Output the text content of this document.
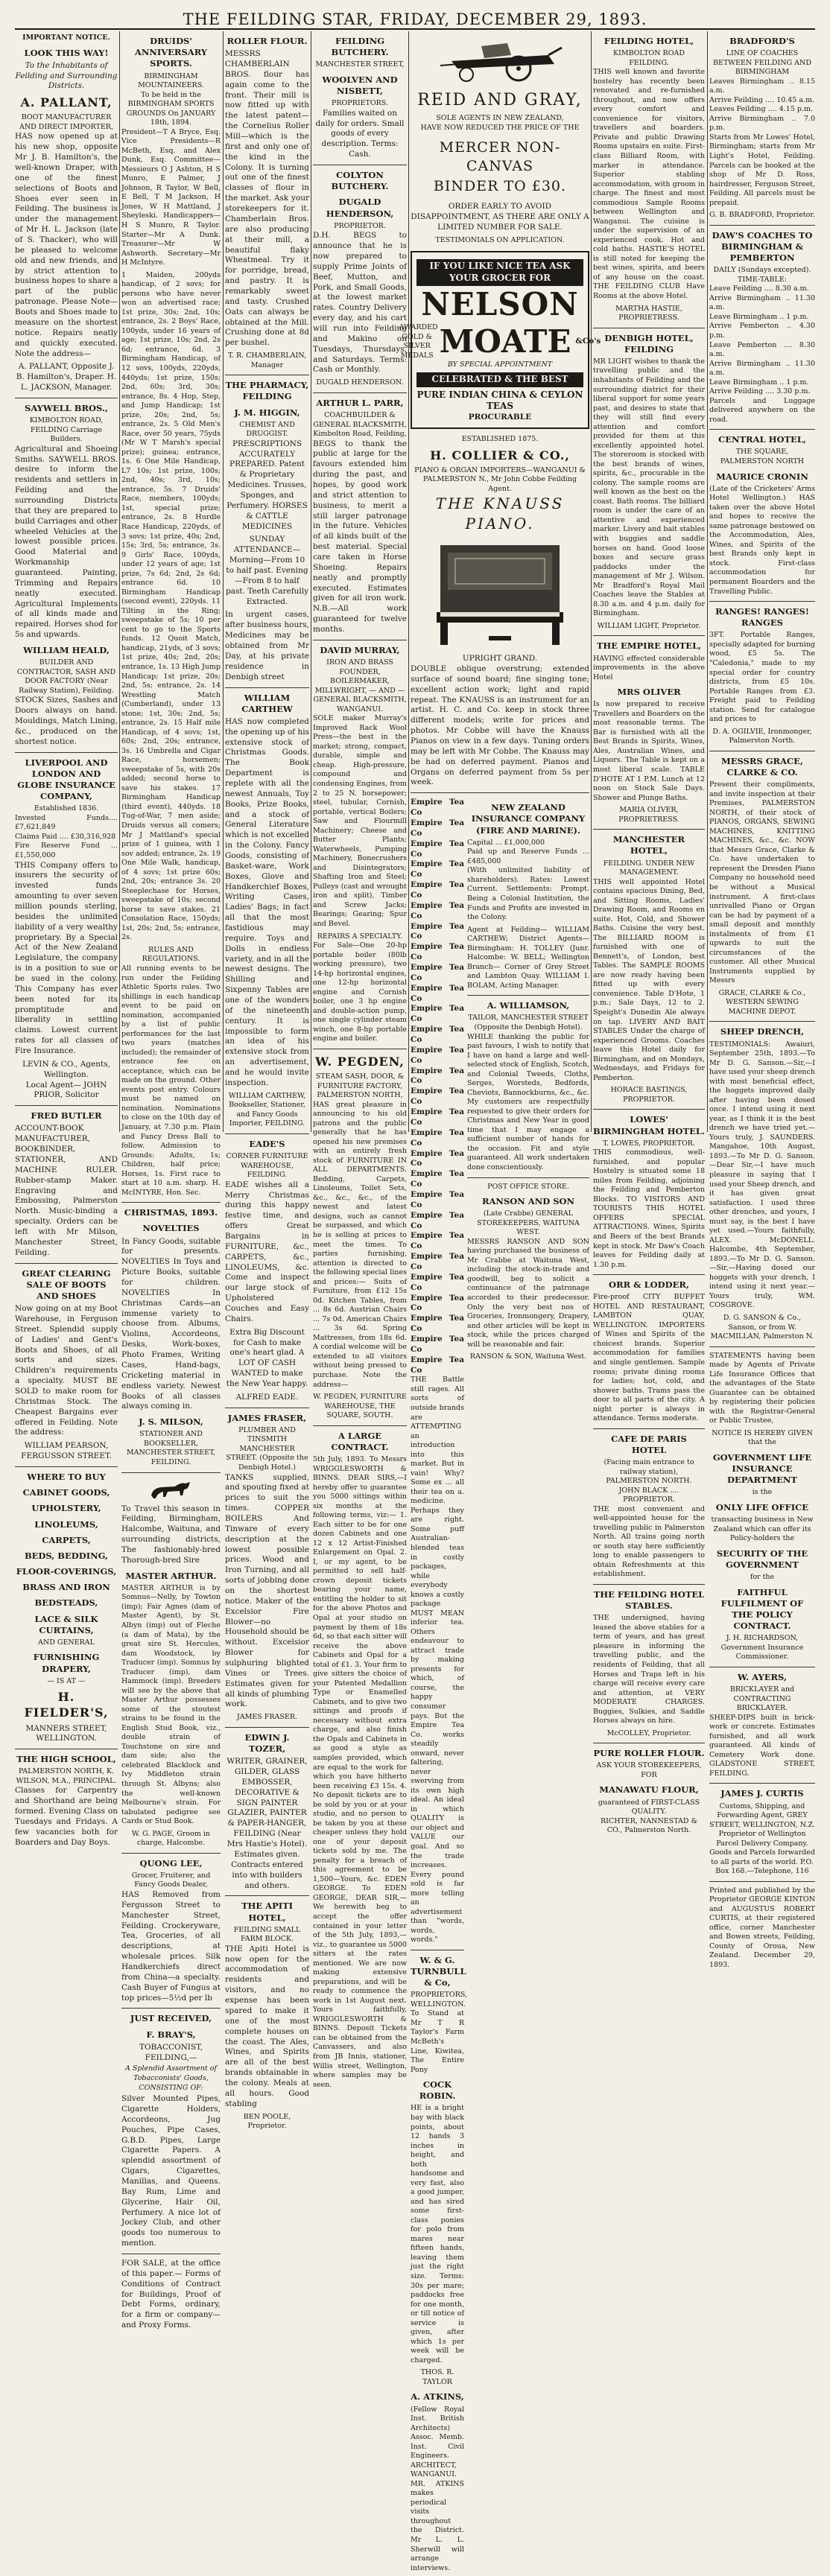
THE FEILDING STAR, FRIDAY, DECEMBER 29, 1893.
IMPORTANT NOTICE.
LOOK THIS WAY!
To the Inhabitants of Feilding and Surrounding Districts.
A. PALLANT,
BOOT MANUFACTURER AND DIRECT IMPORTER,

HAS now opened up at his new shop, opposite Mr J. B. Hamilton's, the well-known Draper, with one of the finest selections of Boots and Shoes ever seen in Feilding. The business is under the management of Mr H. L. Jackson (late of S. Thacker), who will be pleased to welcome old and new friends, and by strict attention to business hopes to share a part of the public patronage. Please Note—Boots and Shoes made to measure on the shortest notice. Repairs neatly and quickly executed. Note the address—

A. PALLANT, Opposite J. B. Hamilton's, Draper. H. L. JACKSON, Manager.
SAYWELL BROS.,
KIMBOLTON ROAD, FEILDING Carriage Builders.

Agricultural and Shoeing Smiths. SAYWELL BROS. desire to inform the residents and settlers in Feilding and the surrounding Districts that they are prepared to build Carriages and other wheeled Vehicles at the lowest possible prices. Good Material and Workmanship guaranteed. Painting, Trimming and Repairs neatly executed. Agricultural Implements of all kinds made and repaired. Horses shod for 5s and upwards.

WILLIAM HEALD,
BUILDER AND CONTRACTOR, SASH AND DOOR FACTORY (Near Railway Station), Feilding.

STOCK Sizes, Sashes and Doors always on hand. Mouldings, Match Lining, &c., produced on the shortest notice.

LIVERPOOL AND LONDON AND GLOBE INSURANCE COMPANY,
Established 1836.
Invested Funds.... £7,621,849
Claims Paid .... £30,316,928
Fire Reserve Fund ... £1,550,000

THIS Company offers to insurers the security of invested funds amounting to over seven million pounds sterling, besides the unlimited liability of a very wealthy proprietary. By a Special Act of the New Zealand Legislature, the company is in a position to sue or be sued in the colony. This Company has ever been noted for its promptitude and liberality in settling claims. Lowest current rates for all classes of Fire Insurance.

LEVIN & CO., Agents, Wellington.
Local Agent— JOHN PRIOR, Solicitor
FRED BUTLER

ACCOUNT-BOOK MANUFACTURER, BOOKBINDER, STATIONER, AND MACHINE RULER. Rubber-stamp Maker. Engraving and Embossing, Palmerston North. Music-binding a specialty. Orders can be left with Mr Milson, Manchester Street, Feilding.

GREAT CLEARING SALE OF BOOTS AND SHOES

Now going on at my Boot Warehouse, in Ferguson Street. Splendid supply of Ladies' and Gent's Boots and Shoes, of all sorts and sizes. Children's requirements a specialty. MUST BE SOLD to make room for Christmas Stock. The Cheapest Bargains ever offered in Feilding. Note the address:

WILLIAM PEARSON, FERGUSSON STREET.
WHERE TO BUY
CABINET GOODS,
UPHOLSTERY,
LINOLEUMS,
CARPETS,
BEDS, BEDDING,
FLOOR-COVERINGS,
BRASS AND IRON
BEDSTEADS,
LACE & SILK CURTAINS,
AND GENERAL
FURNISHING DRAPERY,
— IS AT —
H. FIELDER'S,
MANNERS STREET,
WELLINGTON.
THE HIGH SCHOOL,
PALMERSTON NORTH, K. WILSON, M.A., PRINCIPAL.

Classes for Carpentry and Shorthand are being formed. Evening Class on Tuesdays and Fridays. A few vacancies both for Boarders and Day Boys.

DRUIDS' ANNIVERSARY SPORTS.
BIRMINGHAM MOUNTAINEERS.
To be held in the BIRMINGHAM SPORTS GROUNDS On JANUARY 18th, 1894.

President—T A Bryce, Esq. Vice Presidents—R McBeth, Esq. and Alex Dunk, Esq. Committee—Messieurs O J Ashton, H S Munro, E Palmer, J Johnson, R Taylor, W Bell, E Bell, T M Jackson, H Jones, W H Mattland, J Sheyleski. Handicappers—H S Munro, R Taylor. Starter—Mr A Dunk. Treasurer—Mr W Ashworth. Secretary—Mr H McIntyre.

1 Maiden, 200yds handicap, of 2 sovs; for persons who have never won an advertised race; 1st prize, 30s; 2nd, 10s; entrance, 2s. 2 Boys' Race, 100yds, under 16 years of age; 1st prize, 10s; 2nd, 2s 6d; entrance, 6d. 3 Birmingham Handicap, of 12 sovs, 100yds, 220yds, 440yds; 1st prize, 150s; 2nd, 60s; 3rd, 30s; entrance, 8s. 4 Hop, Step, and Jump Handicap; 1st prize, 20s; 2nd, 5s; entrance, 2s. 5 Old Men's Race, over 50 years, 75yds (Mr W T Marsh's special prize); guinea; entrance, 1s. 6 One Mile Handicap, L7 10s; 1st prize, 100s; 2nd, 40s; 3rd, 10s; entrance, 5s. 7 Druids' Race, members, 100yds; 1st, special prize; entrance, 2s. 8 Hurdle Race Handicap, 220yds, of 3 sovs; 1st prize, 40s; 2nd, 15s; 3rd, 5s; entrance, 3s. 9 Girls' Race, 100yds, under 12 years of age; 1st prize, 7s 6d; 2nd, 2s 6d; entrance 6d. 10 Birmingham Handicap (second event), 220yds. 11 Tilting in the Ring; sweepstake of 5s; 10 per cent to go to the Sports funds. 12 Quoit Match, handicap, 21yds, of 3 sovs; 1st prize, 40s; 2nd, 20s; entrance, 1s. 13 High Jump Handicap; 1st prize, 20s; 2nd, 5s; entrance, 2s. 14 Wrestling Match (Cumberland), under 13 stone; 1st, 30s; 2nd, 5s; entrance, 2s. 15 Half mile Handicap, of 4 sovs; 1st, 60s; 2nd, 20s; entrance, 3s. 16 Umbrella and Cigar Race, horsemen; sweepstake of 5s, with 20s added; second horse to save his stakes. 17 Birmingham Handicap (third event), 440yds. 18 Tug-of-War, 7 men aside; Druids versus all comers; Mr J Mattland's special prize of 1 guinea, with 1 sov added; entrance, 2s. 19 One Mile Walk, handicap, of 4 sovs; 1st prize 60s; 2nd, 20s; entrance 3s. 20 Steeplechase for Horses, sweepstake of 10s; second horse to save stakes. 21 Consolation Race, 150yds; 1st, 20s; 2nd, 5s; entrance, 2s.

RULES AND REGULATIONS.

All running events to be run under the Feilding Athletic Sports rules. Two shillings in each handicap event to be paid on nomination, accompanied by a list of public performances for the last two years (matches included); the remainder of entrance fee on acceptance, which can be made on the ground. Other events post entry. Colours must be named on nomination. Nominations to close on the 10th day of January, at 7.30 p.m. Plain and Fancy Dress Ball to follow. Admission to Grounds: Adults, 1s; Children, half price; Horses, 1s. First race to start at 10 a.m. sharp. H. McINTYRE, Hon. Sec.

CHRISTMAS, 1893.
NOVELTIES

In Fancy Goods, suitable for presents. NOVELTIES In Toys and Picture Books, suitable for children. NOVELTIES In Christmas Cards—an immense variety to choose from. Albums, Violins, Accordeons, Desks, Work-boxes, Photo Frames, Writing Cases, Hand-bags, Cricketing material in endless variety. Newest Books of all classes always coming in.

J. S. MILSON,
STATIONER AND BOOKSELLER, MANCHESTER STREET, FEILDING.

To Travel this season in Feilding, Birmingham, Halcombe, Waituna, and surrounding districts, The fashionably-bred Thorough-bred Sire

MASTER ARTHUR.

MASTER ARTHUR is by Somnus—Nelly, by Towton (imp); Fair Agnes (dam of Master Agent), by St. Albyn (imp) out of Fleche (a dam of Mata), by the great sire St. Hercules, dam Woodstock, by Traducer (imp). Somnus by Traducer (imp), dam Hammock (imp). Breeders will see by the above that Master Arthur possesses some of the stoutest strains to be found in the English Stud Book, viz., double strain of Touchstone on sire and dam side; also the celebrated Blacklock and Ivy Middleton strain through St. Albyns; also the well-known Melbourne's strain. For tabulated pedigree see Cards or Stud Book.

W. G. PAGE, Groom in charge, Halcombe.
QUONG LEE,
Grocer, Fruiterer, and Fancy Goods Dealer,

HAS Removed from Fergusson Street to Manchester Street, Feilding. Crockeryware, Tea, Groceries, of all descriptions, at wholesale prices. Silk Handkerchiefs direct from China—a specialty. Cash Buyer of Fungus at top prices—5½d per lb

JUST RECEIVED,
F. BRAY'S,
TOBACCONIST, FEILDING,—
A Splendid Assortment of Tobacconists' Goods, CONSISTING OF:

Silver Mounted Pipes, Cigarette Holders, Accordeons, Jug Pouches, Pipe Cases, G.B.D. Pipes, Large Cigarette Papers. A splendid assortment of Cigars, Cigarettes, Manillas, and Queens. Bay Rum, Lime and Glycerine, Hair Oil, Perfumery. A nice lot of Jockey Club, and other goods too numerous to mention.

FOR SALE, at the office of this paper.— Forms of Conditions of Contract for Buildings, Proof of Debt Forms, ordinary, for a firm or company—and Proxy Forms.

ROLLER FLOUR.

MESSRS CHAMBERLAIN BROS. flour has again come to the front. Their mill is now fitted up with the latest patent—the Cornelius Roller Mill—which is the first and only one of the kind in the Colony. It is turning out one of the finest classes of flour in the market. Ask your storekeepers for it. Chamberlain Bros. are also producing at their mill, a beautiful flaky Wheatmeal. Try it for porridge, bread, and pastry. It is remarkably sweet and tasty. Crushed Oats can always be obtained at the Mill. Crushing done at 8d per bushel.

T. R. CHAMBERLAIN, Manager
THE PHARMACY, FEILDING
J. M. HIGGIN,
CHEMIST AND DRUGGIST.

PRESCRIPTIONS ACCURATELY PREPARED. Patent & Proprietary Medicines. Trusses, Sponges, and Perfumery. HORSES & CATTLE MEDICINES

SUNDAY ATTENDANCE— Morning—From 10 to half past. Evening—From 8 to half past. Teeth Carefully Extracted.

In urgent cases, after business hours, Medicines may be obtained from Mr Day, at his private residence in Denbigh street

WILLIAM CARTHEW

HAS now completed the opening up of his extensive stock of Christmas Goods. The Book Department is replete with all the newest Annuals, Toy Books, Prize Books, and a stock of General Literature which is not excelled in the Colony. Fancy Goods, consisting of Basket-ware, Work Boxes, Glove and Handkerchief Boxes, Writing Cases, Ladies' Bags; in fact all that the most fastidious may require. Toys and Dolls in endless variety, and in all the newest designs. The Shilling and Sixpenny Tables are one of the wonders of the nineteenth century. It is impossible to form an idea of his extensive stock from an advertisement, and he would invite inspection.

WILLIAM CARTHEW, Bookseller, Stationer, and Fancy Goods Importer, FEILDING.
EADE'S
CORNER FURNITURE WAREHOUSE, FEILDING.

EADE wishes all a Merry Christmas during this happy festive time, and offers Great Bargains in FURNITURE, &c., CARPETS, &c., LINOLEUMS, &c. Come and inspect our large stock of Upholstered Couches and Easy Chairs.

Extra Big Discount for Cash to make one's heart glad. A LOT OF CASH WANTED to make the New Year happy.

ALFRED EADE.
JAMES FRASER,
PLUMBER AND TINSMITH MANCHESTER STREET. (Opposite the Denbigh Hotel.)

TANKS supplied, and spouting fixed at prices to suit the times. COPPER BOILERS And Tinware of every description at the lowest possible prices. Wood and Iron Turning, and all sorts of jobbing done on the shortest notice. Maker of the Excelsior Fire Blower—no Household should be without. Excelsior Blower for sulphuring blighted Vines or Trees. Estimates given for all kinds of plumbing work.

JAMES FRASER.
EDWIN J. TOZER,

WRITER, GRAINER, GILDER, GLASS EMBOSSER, DECORATIVE & SIGN PAINTER GLAZIER, PAINTER & PAPER-HANGER, FEILDING (Near Mrs Hastie's Hotel). Estimates given. Contracts entered into with builders and others.

THE APITI HOTEL,
FEILDING SMALL FARM BLOCK.

THE Apiti Hotel is now open for the accommodation of residents and visitors, and no expense has been spared to make it one of the most complete houses on the coast. The Ales, Wines, and Spirits are all of the best brands obtainable in the colony. Meals at all hours. Good stabling

BEN POOLE, Proprietor.
FEILDING BUTCHERY.
MANCHESTER STREET,
WOOLVEN AND NISBETT,
PROPRIETORS.

Families waited on daily for orders. Small goods of every description. Terms: Cash.

COLYTON BUTCHERY.
DUGALD HENDERSON,
PROPRIETOR.

D.H. BEGS to announce that he is now prepared to supply Prime Joints of Beef, Mutton, and Pork, and Small Goods, at the lowest market rates. Country Delivery every day, and his cart will run into Feilding and Makino on Tuesdays, Thursdays, and Saturdays. Terms: Cash or Monthly.

DUGALD HENDERSON.
ARTHUR L. PARR,
COACHBUILDER & GENERAL BLACKSMITH, Kimbolton Road, Feilding,

BEGS to thank the public at large for the favours extended him during the past, and hopes, by good work and strict attention to business, to merit a still larger patronage in the future. Vehicles of all kinds built of the best material. Special care taken in Horse Shoeing. Repairs neatly and promptly executed. Estimates given for all iron work. N.B.—All work guaranteed for twelve months.

DAVID MURRAY,
IRON AND BRASS FOUNDER, BOILERMAKER, MILLWRIGHT, — AND — GENERAL BLACKSMITH, WANGANUI.

SOLE maker Murray's Improved Rack Wool Press—the best in the market; strong, compact, durable, simple and cheap. High-pressure, compound and condensing Engines, from 2 to 25 N. horsepower; steel, tubular, Cornish, portable, vertical Boilers; Saw and Flourmill Machinery; Cheese and Butter Plants; Waterwheels, Pumping Machinery, Bonecrushers and Disintegrators; Shafting Iron and Steel; Pulleys (cast and wrought iron and split), Timber and Screw Jacks; Bearings; Gearing; Spur and Bevel.

REPAIRS A SPECIALTY.

For Sale—One 20-hp portable boiler (80lb working pressure), two 14-hp horizontal engines, one 12-hp horizontal engine and Cornish boiler, one 3 hp engine and double-action pump, one single cylinder steam winch, one 8-hp portable engine and boiler.

W. PEGDEN,
STEAM SASH, DOOR, & FURNITURE FACTORY, PALMERSTON NORTH,

HAS great pleasure in announcing to his old patrons and the public generally that he has opened his new premises with an entirely fresh stock of FURNITURE IN ALL DEPARTMENTS. Bedding, Carpets, Linoleums, Toilet Sets, &c., &c., &c., of the newest and latest designs, such as cannot be surpassed, and which he is selling at prices to meet the times. To parties furnishing, attention is directed to the following special lines and prices:— Suits of Furniture, from £12 15s 0d. Kitchen Tables, from ... 8s 6d. Austrian Chairs ... 7s 0d. American Chairs ... 3s 6d. Spring Mattresses, from 18s 6d. A cordial welcome will be extended to all visitors without being pressed to purchase. Note the address—

W. PEGDEN, FURNITURE WAREHOUSE, THE SQUARE, SOUTH.
A LARGE CONTRACT.

5th July, 1893. To Messrs WRIGGLESWORTH & BINNS. DEAR SIRS,—I hereby offer to guarantee you 5000 sittings within six months at the following terms, viz:— 1. Each sitter to be for one dozen Cabinets and one 12 x 12 Artist-Finished Enlargement on Opal. 2. I, or my agent, to be permitted to sell half-crown deposit tickets bearing your name, entitling the holder to sit for the above Photos and Opal at your studio on payment by them of 18s 6d, so that each sitter will receive the above Cabinets and Opal for a total of £1. 3. Your firm to give sitters the choice of your Patented Medallion Type or Enamelled Cabinets, and to give two sittings and proofs if necessary without extra charge, and also finish the Opals and Cabinets in as good a style as samples provided, which are equal to the work for which you have hitherto been receiving £3 15s. 4. No deposit tickets are to be sold by you or at your studio, and no person to be taken by you at these cheaper unless they hold one of your deposit tickets sold by me. The penalty for a breach of this agreement to be 1,500—Yours, &c. EDEN GEORGE. To EDEN GEORGE, DEAR SIR,—We herewith beg to accept the offer contained in your letter of the 5th July, 1893,—viz., to guarantee us 5000 sitters at the rates mentioned. We are now making extensive preparations, and will be ready to commence the work in 1st August next. Yours faithfully, WRIGGLESWORTH & BINNS. Deposit Tickets can be obtained from the Canvassers, and also from JB Innis, stationer, Willis street, Wellington, where samples may be seen.

REID AND GRAY,
SOLE AGENTS IN NEW ZEALAND,
HAVE NOW REDUCED THE PRICE OF THE
MERCER NON-CANVAS
BINDER TO £30.

ORDER EARLY TO AVOID DISAPPOINTMENT, AS THERE ARE ONLY A LIMITED NUMBER FOR SALE.

TESTIMONIALS ON APPLICATION.
IF YOU LIKE NICE TEA ASK YOUR GROCER FOR
NELSON
AWARDED GOLD & SILVER MEDALS MOATE &Co's
BY SPECIAL APPOINTMENT
CELEBRATED & THE BEST
PURE INDIAN CHINA & CEYLON TEAS
PROCURABLE
ESTABLISHED 1875.
H. COLLIER & CO.,
PIANO & ORGAN IMPORTERS—WANGANUI & PALMERSTON N., Mr John Cobbe Feilding Agent.
THE KNAUSS PIANO.
UPRIGHT GRAND.

DOUBLE oblique overstrung; extended surface of sound board; fine singing tone; excellent action work; light and rapid repeat. The KNAUSS is an instrument for an artist. H. C. and Co. keep in stock three different models; write for prices and photos. Mr Cobbe will have the Knauss Pianos on view in a few days. Tuning orders may be left with Mr Cobbe. The Knauss may be had on deferred payment. Pianos and Organs on deferred payment from 5s per week.

Empire Tea Co
Empire Tea Co
Empire Tea Co
Empire Tea Co
Empire Tea Co
Empire Tea Co
Empire Tea Co
Empire Tea Co
Empire Tea Co
Empire Tea Co
Empire Tea Co
Empire Tea Co
Empire Tea Co
Empire Tea Co
Empire Tea Co
Empire Tea Co
Empire Tea Co
Empire Tea Co
Empire Tea Co
Empire Tea Co
Empire Tea Co
Empire Tea Co
Empire Tea Co
Empire Tea Co
Empire Tea Co
Empire Tea Co
Empire Tea Co
Empire Tea Co

THE Battle still rages. All sorts of outside brands are ATTEMPTING an introduction into this market. But in vain! Why? Some ex ... all their tea on a. medicine. Perhaps they are right. Some puff Australian-blended teas in costly packages, while everybody knows a costly package MUST MEAN inferior tea. Others endeavour to attract trade by making presents for which, of course, the happy consumer pays. But the Empire Tea Co. works steadily onward, never faltering, never swerving from its own high ideal. An ideal in which QUALITY is our object and VALUE our goal. And so the trade increases. Every pound sold is far more telling an advertisement than "words, words, words."

W. & G. TURNBULL & Co,
PROPRIETORS, WELLINGTON.

To Stand at Mr T R Taylor's Farm McBeth's Line, Kiwitea, The Entire Pony

COCK ROBIN.

HE is a bright bay with black points, about 12 hands 3 inches in height, and both handsome and very fast, also a good jumper, and has sired some first-class ponies for polo from mares near fifteen hands, leaving them just the right size. Terms: 30s per mare; paddocks free for one month, or till notice of service is given, after which 1s per week will be charged.

THOS. R. TAYLOR
A. ATKINS,

(Fellow Royal Inst. British Architects) Assoc. Memb. Inst. Civil Engineers. ARCHITECT, WANGANUI. MR. ATKINS makes periodical visits throughout the District. Mr L. L. Sherwill will arrange interviews.

NEW ZEALAND INSURANCE COMPANY (FIRE AND MARINE).
Capital ... £1,000,000
Paid up and Reserve Funds ... £485,000

(With unlimited liability of shareholders). Rates: Lowest Current. Settlements: Prompt. Being a Colonial Institution, the Funds and Profits are invested in the Colony.

Agent at Feilding— WILLIAM CARTHEW; District Agents— Birmingham: H. TOLLEY (Junr. Halcombe: W. BELL; Wellington Branch— Corner of Grey Street and Lambton Quay. WILLIAM I. BOLAM, Acting Manager.

A. WILLIAMSON,
TAILOR, MANCHESTER STREET (Opposite the Denbigh Hotel).

WHILE thanking the public for past favours, I wish to notify that I have on hand a large and well-selected stock of English, Scotch, and Colonial Tweeds, Cloths, Serges, Worsteds, Bedfords, Cheviots, Bannockburns, &c., &c. My customers are respectfully requested to give their orders for Christmas and New Year in good time that I may engage a sufficient number of hands for the occasion. Fit and style guaranteed. All work undertaken done conscientiously.

POST OFFICE STORE.
RANSON AND SON
(Late Crabbe) GENERAL STOREKEEPERS, WAITUNA WEST.

MESSRS RANSON AND SON having purchased the business of Mr Crabbe at Waituna West, including the stock-in-trade and goodwill, beg to solicit a continuance of the patronage accorded to their predecessor. Only the very best nos of Groceries, Ironmongery, Drapery, and other articles will be kept in stock, while the prices charged will be reasonable and fair.

RANSON & SON, Waituna West.
FEILDING HOTEL,
KIMBOLTON ROAD FEILDING.

THIS well known and favorite hostelry has recently been renovated and re-furnished throughout, and now offers every comfort and convenience for visitors, travellers and boarders. Private and public Drawing Rooms upstairs en suite. First-class Billiard Room, with marker in attendance. Superior stabling accommodation, with groom in charge. The finest and most commodious Sample Rooms between Wellington and Wanganui. The cuisine is under the supervision of an experienced cook. Hot and cold baths. HASTIE'S HOTEL is still noted for keeping the best wines, spirits, and beers of any house on the coast. THE FEILDING CLUB Have Rooms at the above Hotel.

MARTHA HASTIE, PROPRIETRESS.
DENBIGH HOTEL, FEILDING

MR LIGHT wishes to thank the travelling public and the inhabitants of Feilding and the surrounding district for their liberal support for some years past, and desires to state that they will still find every attention and comfort provided for them at this excellently appointed hotel. The storeroom is stocked with the best brands of wines, spirits, &c., procurable in the colony. The sample rooms are well known as the best on the coast. Bath rooms. The billiard room is under the care of an attentive and experienced marker. Livery and bait stables with buggies and saddle horses on hand. Good loose boxes and secure grass paddocks under the management of Mr J. Wilson. Mr Bradford's Royal Mail Coaches leave the Stables at 8.30 a.m. and 4 p.m. daily for Birmingham.

WILLIAM LIGHT, Proprietor.
THE EMPIRE HOTEL,

HAVING effected considerable improvements in the above Hotel

MRS OLIVER

Is now prepared to receive Travellers and Boarders on the most reasonable terms. The Bar is furnished with all the Best Brands in Spirits, Wines, Ales, Australian Wines, and Liquors. The Table is kept on a most liberal scale. TABLE D'HOTE AT 1 P.M. Lunch at 12 noon on Stock Sale Days. Shower and Plunge Baths.

MARIA OLIVER, PROPRIETRESS.
MANCHESTER HOTEL,
FEILDING. UNDER NEW MANAGEMENT.

THIS well appointed Hotel contains spacious Dining, Bed, and Sitting Rooms, Ladies' Drawing Room, and Rooms en suite. Hot, Cold, and Shower Baths. Cuisine the very best. The BILLIARD ROOM is furnished with one of Bennett's, of London, best Tables. The SAMPLE ROOMS are now ready having been fitted up with every convenience. Table D'Hote, 1 p.m.; Sale Days, 12 to 2. Speight's Dunedin Ale always on tap. LIVERY AND BAIT STABLES Under the charge of experienced Grooms. Coaches leave this Hotel daily for Birmingham, and on Mondays, Wednesdays, and Fridays for Pemberton.

HORACE BASTINGS, PROPRIETOR.
LOWES' BIRMINGHAM HOTEL.
T. LOWES, PROPRIETOR.

THIS commodious, well-furnished, and popular Hostelry is situated some 18 miles from Feilding, adjoining the Feilding and Pemberton Blocks. TO VISITORS AND TOURISTS THIS HOTEL OFFERS SPECIAL ATTRACTIONS. Wines, Spirits and Beers of the best Brands kept in stock. Mr Daw's Coach leaves for Feilding daily at 1.30 p.m.

ORR & LODDER,

Fire-proof CITY BUFFET HOTEL AND RESTAURANT, LAMBTON QUAY, WELLINGTON. IMPORTERS of Wines and Spirits of the choicest brands. Superior accommodation for families and single gentlemen. Sample rooms; private dining rooms for ladies; hot, cold, and shower baths. Trams pass the door to all parts of the city. A night porter is always in attendance. Terms moderate.

CAFE DE PARIS HOTEL
(Facing main entrance to railway station), PALMERSTON NORTH.
JOHN BLACK .... PROPRIETOR.

THE most convenient and well-appointed house for the travelling public in Palmerston North. All trains going north or south stay here sufficiently long to enable passengers to obtain Refreshments at this establishment.

THE FEILDING HOTEL STABLES.

THE undersigned, having leased the above stables for a term of years, and has great pleasure in informing the travelling public, and the residents of Feilding, that all Horses and Traps left in his charge will receive every care and attention, at VERY MODERATE CHARGES. Buggies, Sulkies, and Saddle Horses always on hire.

McCOLLEY, Proprietor.
PURE ROLLER FLOUR.
ASK YOUR STOREKEEPERS, FOR
MANAWATU FLOUR,
guaranteed of FIRST-CLASS QUALITY.
RICHTER, NANNESTAD & CO., Palmerston North.
BRADFORD'S
LINE OF COACHES BETWEEN FEILDING AND BIRMINGHAM
Leaves Birmingham .. 8.15 a.m.
Arrive Feilding .... 10.45 a.m.
Leaves Feilding .... 4.15 p.m.
Arrive Birmingham .. 7.0 p.m.

Starts from Mr Lowes' Hotel, Birmingham; starts from Mr Light's Hotel, Feilding. Parcels can be booked at the shop of Mr D. Ross, hairdresser, Ferguson Street, Feilding. All parcels must be prepaid.

G. B. BRADFORD, Proprietor.
DAW'S COACHES TO BIRMINGHAM & PEMBERTON
DAILY (Sundays excepted).
TIME-TABLE:
Leave Feilding .... 8.30 a.m.
Arrive Birmingham .. 11.30 a.m.
Leave Birmingham .. 1 p.m.
Arrive Pemberton .. 4.30 p.m.
Leave Pemberton .... 8.30 a.m.
Arrive Birmingham .. 11.30 a.m.
Leave Birmingham .. 1 p.m.
Arrive Feilding .... 3.30 p.m.

Parcels and Luggage delivered anywhere on the road.

CENTRAL HOTEL,
THE SQUARE, PALMERSTON NORTH
MAURICE CRONIN

(Late of the Cricketers' Arms Hotel Wellington.) HAS taken over the above Hotel and hopes to receive the same patronage bestowed on the Accommodation, Ales, Wines, and Spirits of the best Brands only kept in stock. First-class accommodation for permanent Boarders and the Travelling Public.

RANGES! RANGES! RANGES

3FT. Portable Ranges, specially adapted for burning wood, £5 5s. The "Caledonia," made to my special order for country districts, from £5 10s. Portable Ranges from £3. Freight paid to Feilding station. Send for catalogue and prices to

D. A. OGILVIE, Ironmonger, Palmerston North.
MESSRS GRACE, CLARKE & CO.

Present their compliments, and invite inspection at their Premises, PALMERSTON NORTH, of their stock of PIANOS, ORGANS, SEWING MACHINES, KNITTING MACHINES, &c., &c. NOW that Messrs Grace, Clarke & Co. have undertaken to represent the Dresden Piano Company no household need be without a Musical instrument. A first-class unrivalled Piano or Organ can be had by payment of a small deposit and monthly instalments of from £1 upwards to suit the circumstances of the customer. All other Musical Instruments supplied by Messrs

GRACE, CLARKE & Co., WESTERN SEWING MACHINE DEPOT.
SHEEP DRENCH,

TESTIMONIALS: Awaiuri, September 25th, 1893.—To Mr D. G. Sanson.—Sir,—I have used your sheep drench with most beneficial effect, the hoggets improved daily after having been dosed once. I intend using it next year, as I think it is the best drench we have tried yet.—Yours truly, J. SAUNDERS. Mangahoe, 10th August, 1893.—To Mr D. G. Sanson.—Dear Sir,—I have much pleasure in saying that I used your Sheep drench, and it has given great satisfaction. I used three other drenches, and yours, I must say, is the best I have yet used.—Yours faithfully, ALEX. McDONELL. Halcombe, 4th September, 1893.—To Mr D. G. Sanson.—Sir,—Having dosed our hoggets with your drench, I intend using it next year.—Yours truly, WM. COSGROVE.

D. G. SANSON & Co., Sanson, or from W. MACMILLAN, Palmerston N.

STATEMENTS having been made by Agents of Private Life Insurance Offices that the advantages of the State Guarantee can be obtained by registering their policies with the Registrar-General or Public Trustee,

NOTICE IS HEREBY GIVEN
that the
GOVERNMENT LIFE INSURANCE DEPARTMENT
is the
ONLY LIFE OFFICE

transacting business in New Zealand which can offer its Policy-holders the

SECURITY OF THE GOVERNMENT
for the
FAITHFUL FULFILMENT OF THE POLICY CONTRACT.
J. H. RICHARDSON, Government Insurance Commissioner.
W. AYERS,
BRICKLAYER and CONTRACTING BRICKLAYER.

SHEEP-DIPS built in brick-work or concrete. Estimates furnished, and all work guaranteed. All kinds of Cemetery Work done. GLADSTONE STREET, FEILDING.

JAMES J. CURTIS

Customs, Shipping, and Forwarding Agent, GREY STREET, WELLINGTON, N.Z. Proprietor of Wellington Parcel Delivery Company. Goods and Parcels forwarded to all parts of the world. P.O. Box 168.—Telephone, 116

Printed and published by the Proprietor GEORGE KINTON and AUGUSTUS ROBERT CURTIS, at their registered office, corner Manchester and Bowen streets, Feilding, County of Oroua, New Zealand. December 29, 1893.
